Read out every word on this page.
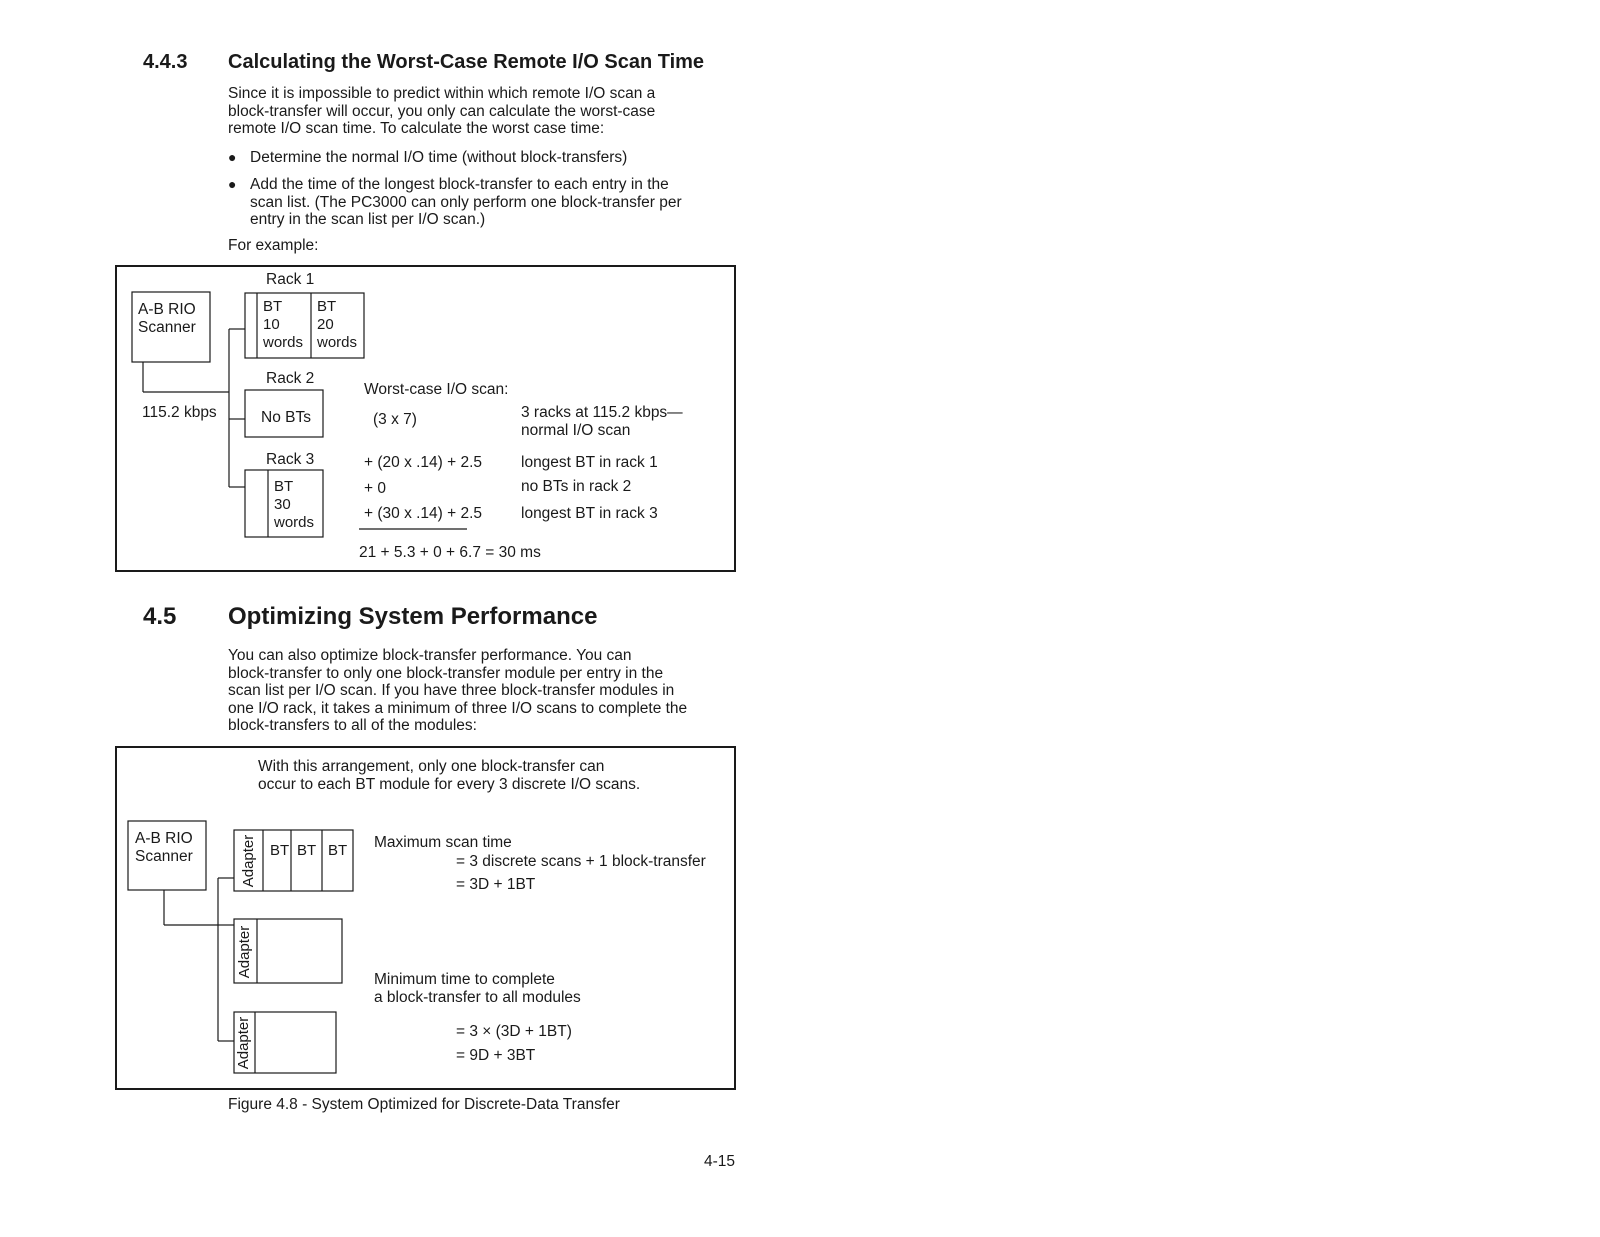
4.4.3 Calculating the Worst-Case Remote I/O Scan Time
Since it is impossible to predict within which remote I/O scan a
block-transfer will occur, you only can calculate the worst-case
remote I/O scan time. To calculate the worst case time:
● Determine the normal I/O time (without block-transfers)
● Add the time of the longest block-transfer to each entry in the
scan list. (The PC3000 can only perform one block-transfer per
entry in the scan list per I/O scan.)
For example:
A-B RIO
Scanner
115.2 kbps
Rack 1
BT
10
words
BT
20
words
Rack 2
No BTs
Rack 3
BT
30
words
Worst-case I/O scan:
(3 x 7)	3 racks at 115.2 kbps—
normal I/O scan
+ (20 x .14) + 2.5	longest BT in rack 1
+ 0	no BTs in rack 2
+ (30 x .14) + 2.5	longest BT in rack 3
21 + 5.3 + 0 + 6.7 = 30 ms
4.5 Optimizing System Performance
You can also optimize block-transfer performance. You can
block-transfer to only one block-transfer module per entry in the
scan list per I/O scan. If you have three block-transfer modules in
one I/O rack, it takes a minimum of three I/O scans to complete the
block-transfers to all of the modules:
With this arrangement, only one block-transfer can
occur to each BT module for every 3 discrete I/O scans.
A-B RIO
Scanner	Adapter BT BT BT
Adapter
Adapter
Maximum scan time
= 3 discrete scans + 1 block-transfer
= 3D + 1BT
Minimum time to complete
a block-transfer to all modules
= 3 × (3D + 1BT)
= 9D + 3BT
Figure 4.8 - System Optimized for Discrete-Data Transfer
4-15
